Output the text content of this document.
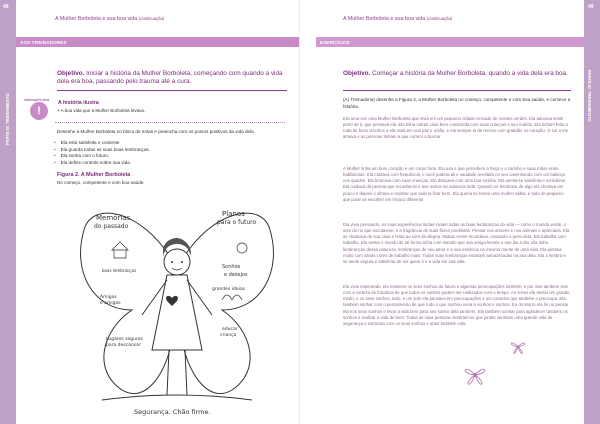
48
PARTE III: TREINAMENTO
A Mulher Borboleta e sua boa vida (continuação)
AOS TREINADORES
Objetivo. Iniciar a história da Mulher Borboleta, começando com quando a vida dela era boa, passando pelo trauma até a cura.
Informações úteis
!
A história ilustra
• A boa vida que a Mulher Borboleta levava.
Desenhe a Mulher Borboleta no bloco de notas e preencha com os pontos positivos da vida dela.
• Ela está satisfeita e contente.
• Ela guarda todas as suas boas lembranças.
• Ela sonha com o futuro.
• Ela define controle sobre sua vida.
Figura 2. A Mulher Borboleta
No começo, competente e com boa saúde.
Memórias
do passado
Planos
para o futuro
boas lembranças
Amigos
e amigas
Sonhos
e desejos
grandes ideias
educar
criança
Lugares seguros
para descansar
Segurança. Chão firme.
49
PARTE III: TREINAMENTO
A Mulher Borboleta e sua boa vida (continuação)
EXERCÍCIOS
Objetivo. Começar a história da Mulher Borboleta, quando a vida dela era boa.
(A) Treinadoria) desenhe a Figura 2, a Mulher Borboleta no começo, competente e com boa saúde, e comece a história.
Era uma vez uma Mulher Borboleta que vivia em um pequeno cidade cercado de montes verdes. Ela adorava sentir perto de ti, que pensava ela. Ela tinha outras casa bem construída com suas crianças e seu marido. Ela tinham feito a roda de bons vizinhos a ela mais em sua paz e união, e ela sempre ia de recreio com gratidão no coração. O sol a me amava e as pessoas tinham a que correm a buscar.
A Mulher tinha um bom coração e um corpo forte. Ela usa o que percebem a força e o carinho e suas mãos eram habilidosas. Ela cantava com frequência, e você pudera ali e saudade revelado no seu caminhando com um balanço nos quadris. Ela brincava com suas crianças. Ela dançava com uma boa vizinha. Ela sentia-se satisfeita e sorridente. Ela cuidava da pessoa que reconhecia e aos outros na natureza toda. Quando se lembrava de algo ela chorava um pouco e depois o olhava e mostrar que tudo ia ficar bem. Ela queria se tornar uma mulher sábia, e tudo de pequeno que pode vá escolher em hmaco diferente.
Ela vivia pensando. As suas experiências lindas viviam todas as boas lembranças da vida — como o mundo verde, o som do rio que escutavam, e a fragrância de suas flores prediletas. Pensar nos amores e nos animais e apreciava. Ela se chamava de sua casa e festa ao som da alegria. Muitas vezes recordava, cantando o peito dela. Ela trabalha com trabalho. Ela sentia o mundo de tal forma tinha com sentido que sua amiga levaria o seu dia a dia. Ela tinha lembranças dessa natureza, lembranças de seu amor e a sua essência na mesma mente de uma vida. Ela pintava muito com várias cores de trabalho mais. Todas suas lembranças estavam armazenadas na asa dela. Ela a lembra e se sente segura e satisfeita de ser quem é e a vida em sua vida.
Ela vivia esperando, ela manteve os seus sonhos do futuro e algumas preocupações também, e por isso também vive com a certeza de fortaleza de que todos os sonhos podem ser realizados com o tempo. As vezes ela sentiu um grande medo, e os seus sonhos, tudo, e um jeito ela pensava em preocupações e um caminho que também o preocupa. Ela também sonhar com o pensamento de que tudo o que sonhou seria a sonhos e sonhos. Eu do Morro ela foi no pensar ela nos seus sonhos e levar a vida bem para seu sonho dela também. Ela também sonhar para agradecer também os sonhos e realizar a vida de bem. Todas as suas pessoas sentiram-se que juntas sentiram uma grande vida de segurança e estrutura com os seus sonhos e amor também vida.
